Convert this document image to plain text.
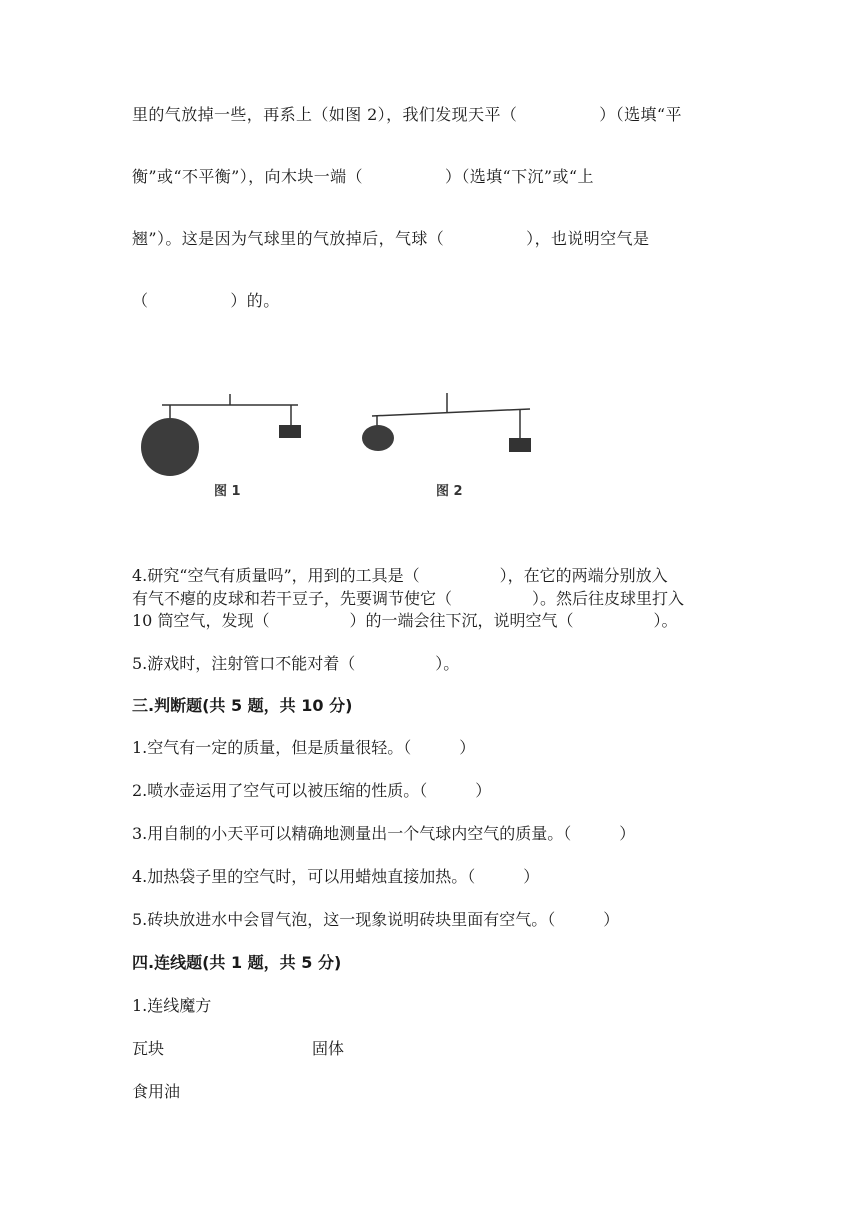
里的气放掉一些，再系上（如图 2），我们发现天平（　　　　　）（选填“平
衡”或“不平衡”），向木块一端（　　　　　）（选填“下沉”或“上
翘”）。这是因为气球里的气放掉后，气球（　　　　　），也说明空气是
（　　　　　）的。
图 1	图 2
4.研究“空气有质量吗”，用到的工具是（　　　　　），在它的两端分别放入
有气不瘪的皮球和若干豆子，先要调节使它（　　　　　）。然后往皮球里打入
10 筒空气，发现（　　　　　）的一端会往下沉，说明空气（　　　　　）。
5.游戏时，注射管口不能对着（　　　　　）。
三.判断题(共 5 题，共 10 分)
1.空气有一定的质量，但是质量很轻。（　　　）
2.喷水壶运用了空气可以被压缩的性质。（　　　）
3.用自制的小天平可以精确地测量出一个气球内空气的质量。（　　　）
4.加热袋子里的空气时，可以用蜡烛直接加热。（　　　）
5.砖块放进水中会冒气泡，这一现象说明砖块里面有空气。（　　　）
四.连线题(共 1 题，共 5 分)
1.连线魔方
瓦块	固体
食用油
